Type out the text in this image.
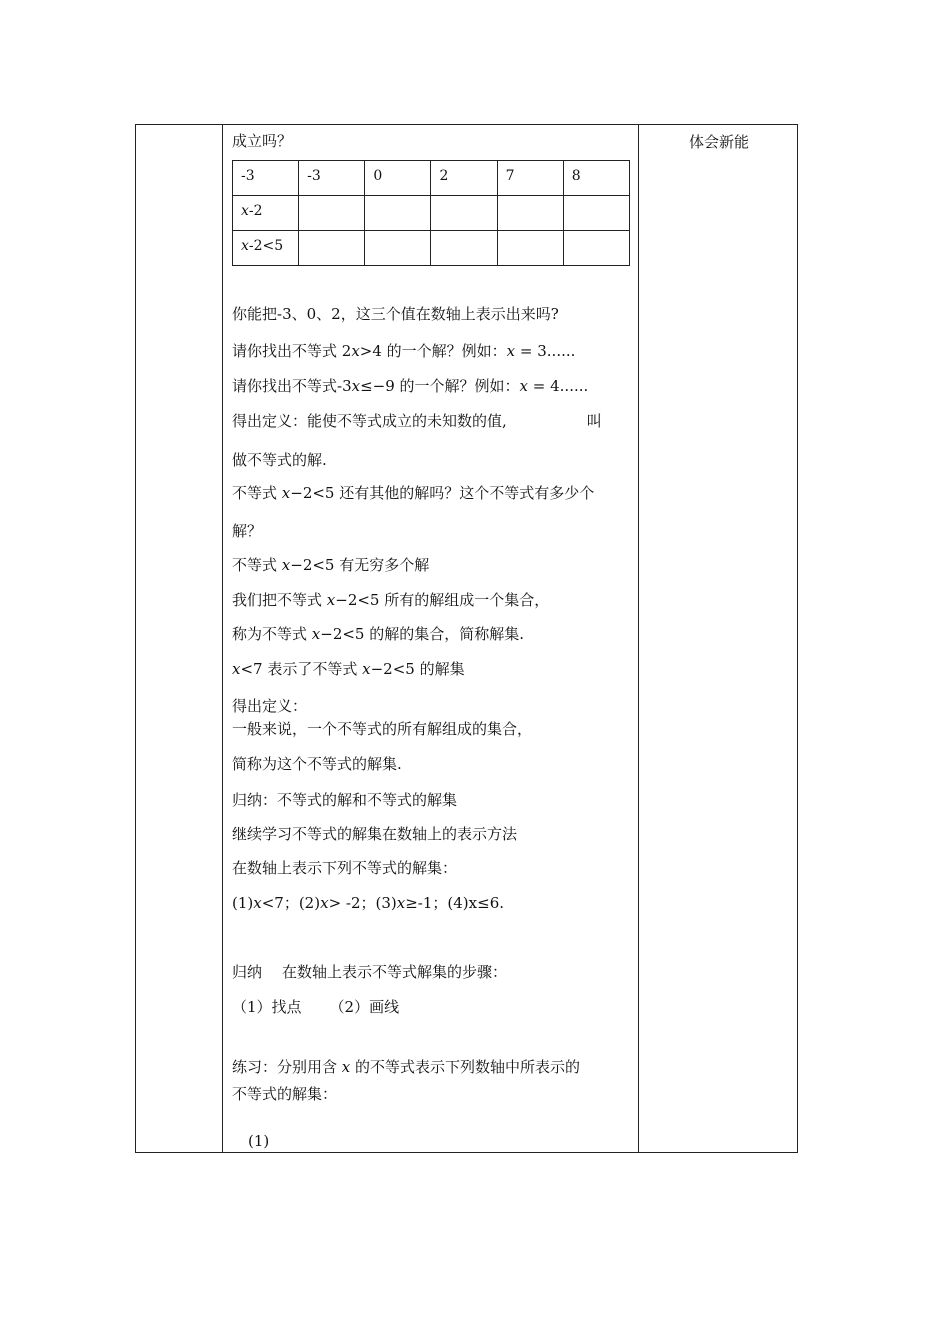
成立吗？
-3	-3	0	2	7	8
x-2					
x-2<5					
你能把-3、0、2，这三个值在数轴上表示出来吗?
请你找出不等式 2x>4 的一个解？例如：x = 3......
请你找出不等式-3x≤−9 的一个解？例如：x = 4......
得出定义：能使不等式成立的未知数的值,	叫
做不等式的解.
不等式 x−2<5 还有其他的解吗？这个不等式有多少个
解？
不等式 x−2<5 有无穷多个解
我们把不等式 x−2<5 所有的解组成一个集合，
称为不等式 x−2<5 的解的集合，简称解集.
x<7 表示了不等式 x−2<5 的解集
得出定义：
一般来说，一个不等式的所有解组成的集合，
简称为这个不等式的解集.
归纳：不等式的解和不等式的解集
继续学习不等式的解集在数轴上的表示方法
在数轴上表示下列不等式的解集：
(1)x<7；(2)x> -2；(3)x≥-1；(4)x≤6.
归纳 在数轴上表示不等式解集的步骤：
（1）找点 （2）画线
练习：分别用含 x 的不等式表示下列数轴中所表示的
不等式的解集：
(1)
体会新能
